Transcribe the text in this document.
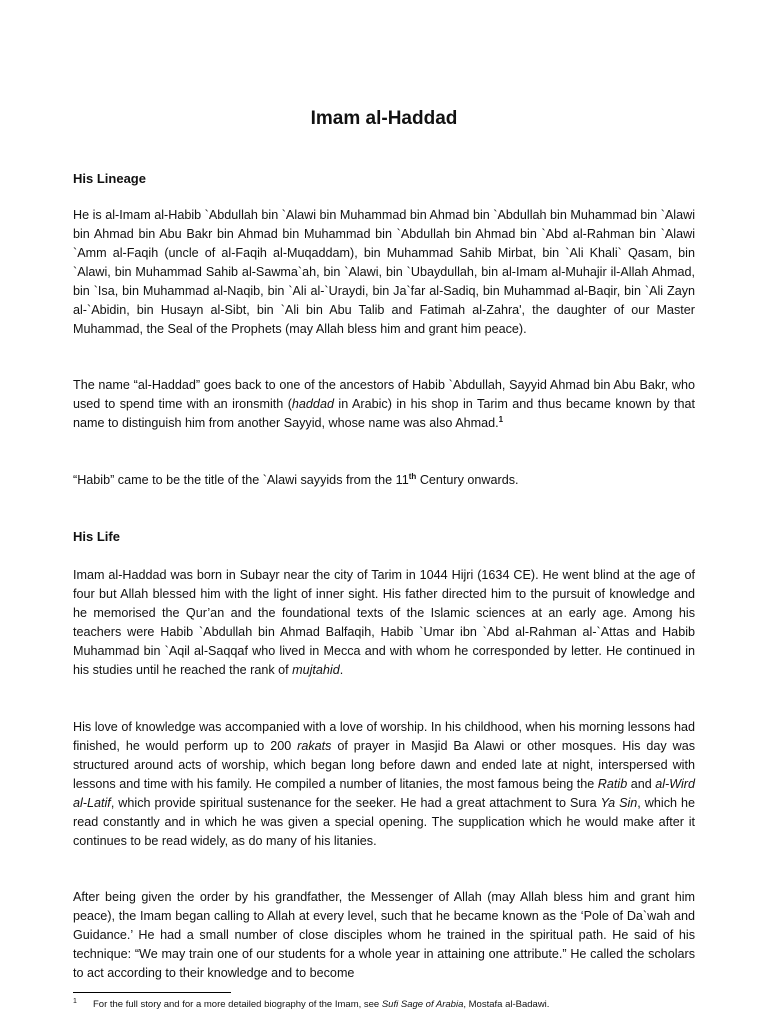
Imam al-Haddad
His Lineage

He is al-Imam al-Habib `Abdullah bin `Alawi bin Muhammad bin Ahmad bin `Abdullah bin Muhammad bin `Alawi bin Ahmad bin Abu Bakr bin Ahmad bin Muhammad bin `Abdullah bin Ahmad bin `Abd al-Rahman bin `Alawi `Amm al-Faqih (uncle of al-Faqih al-Muqaddam), bin Muhammad Sahib Mirbat, bin `Ali Khali` Qasam, bin `Alawi, bin Muhammad Sahib al-Sawma`ah, bin `Alawi, bin `Ubaydullah, bin al-Imam al-Muhajir il-Allah Ahmad, bin `Isa, bin Muhammad al-Naqib, bin `Ali al-`Uraydi, bin Ja`far al-Sadiq, bin Muhammad al-Baqir, bin `Ali Zayn al-`Abidin, bin Husayn al-Sibt, bin `Ali bin Abu Talib and Fatimah al-Zahra', the daughter of our Master Muhammad, the Seal of the Prophets (may Allah bless him and grant him peace).

The name “al-Haddad” goes back to one of the ancestors of Habib `Abdullah, Sayyid Ahmad bin Abu Bakr, who used to spend time with an ironsmith (haddad in Arabic) in his shop in Tarim and thus became known by that name to distinguish him from another Sayyid, whose name was also Ahmad.$^1$

“Habib” came to be the title of the `Alawi sayyids from the 11th Century onwards.

His Life

Imam al-Haddad was born in Subayr near the city of Tarim in 1044 Hijri (1634 CE). He went blind at the age of four but Allah blessed him with the light of inner sight. His father directed him to the pursuit of knowledge and he memorised the Qur’an and the foundational texts of the Islamic sciences at an early age. Among his teachers were Habib `Abdullah bin Ahmad Balfaqih, Habib `Umar ibn `Abd al-Rahman al-`Attas and Habib Muhammad bin `Aqil al-Saqqaf who lived in Mecca and with whom he corresponded by letter. He continued in his studies until he reached the rank of mujtahid.

His love of knowledge was accompanied with a love of worship. In his childhood, when his morning lessons had finished, he would perform up to 200 rakats of prayer in Masjid Ba Alawi or other mosques. His day was structured around acts of worship, which began long before dawn and ended late at night, interspersed with lessons and time with his family. He compiled a number of litanies, the most famous being the Ratib and al-Wird al-Latif, which provide spiritual sustenance for the seeker. He had a great attachment to Sura Ya Sin, which he read constantly and in which he was given a special opening. The supplication which he would make after it continues to be read widely, as do many of his litanies.

After being given the order by his grandfather, the Messenger of Allah (may Allah bless him and grant him peace), the Imam began calling to Allah at every level, such that he became known as the ‘Pole of Da`wah and Guidance.’ He had a small number of close disciples whom he trained in the spiritual path. He said of his technique: “We may train one of our students for a whole year in attaining one attribute.” He called the scholars to act according to their knowledge and to become

1 For the full story and for a more detailed biography of the Imam, see Sufi Sage of Arabia, Mostafa al-Badawi.
